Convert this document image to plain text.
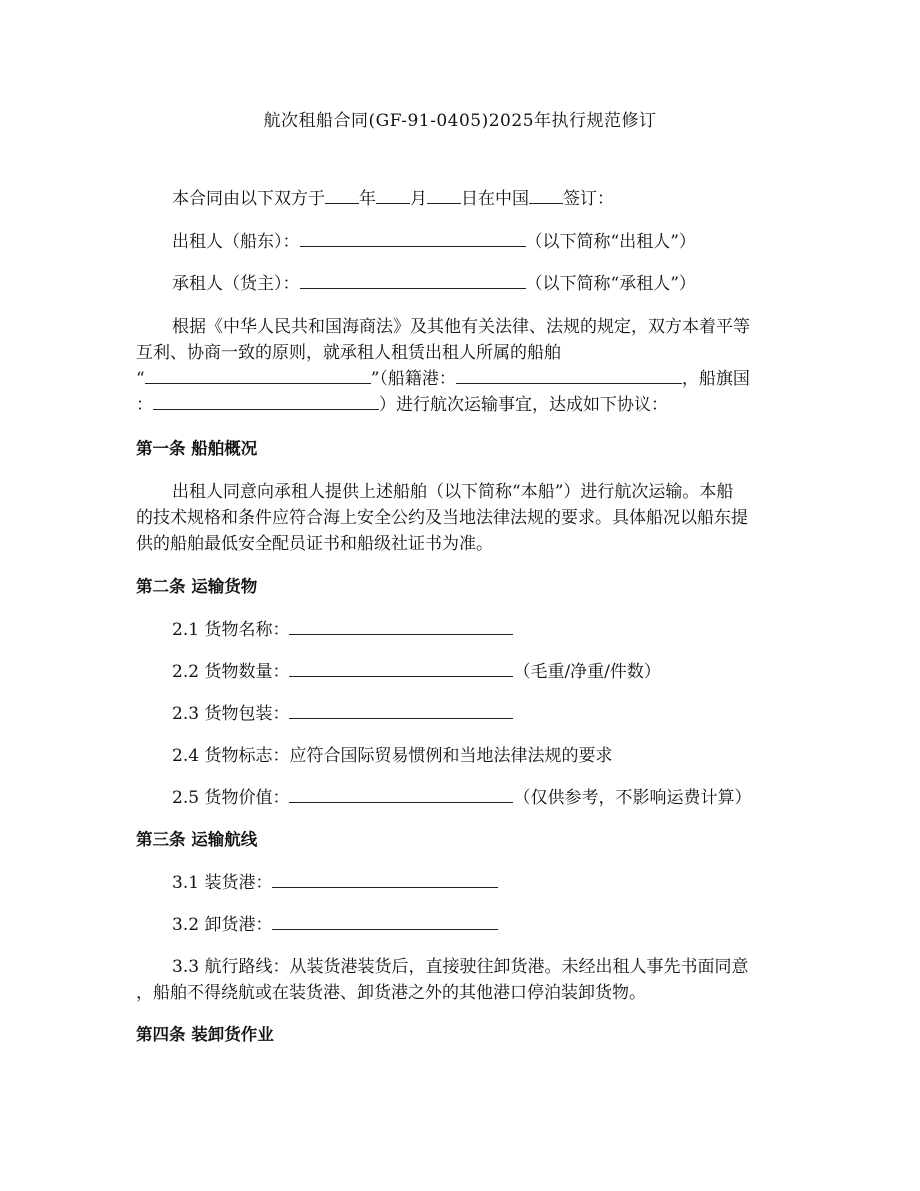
航次租船合同(GF-91-0405)2025年执行规范修订
本合同由以下双方于 年 月 日在中国 签订：
出租人（船东）：	（以下简称“出租人”）
承租人（货主）：	（以下简称“承租人”）
根据《中华人民共和国海商法》及其他有关法律、法规的规定，双方本着平等
互利、协商一致的原则，就承租人租赁出租人所属的船舶
“	”（船籍港：	，船旗国
：	）进行航次运输事宜，达成如下协议：
第一条 船舶概况
出租人同意向承租人提供上述船舶（以下简称“本船”）进行航次运输。本船
的技术规格和条件应符合海上安全公约及当地法律法规的要求。具体船况以船东提
供的船舶最低安全配员证书和船级社证书为准。
第二条 运输货物
2.1 货物名称：
2.2 货物数量：	（毛重/净重/件数）
2.3 货物包装：
2.4 货物标志：应符合国际贸易惯例和当地法律法规的要求
2.5 货物价值：	（仅供参考，不影响运费计算）
第三条 运输航线
3.1 装货港：
3.2 卸货港：
3.3 航行路线：从装货港装货后，直接驶往卸货港。未经出租人事先书面同意
，船舶不得绕航或在装货港、卸货港之外的其他港口停泊装卸货物。
第四条 装卸货作业
